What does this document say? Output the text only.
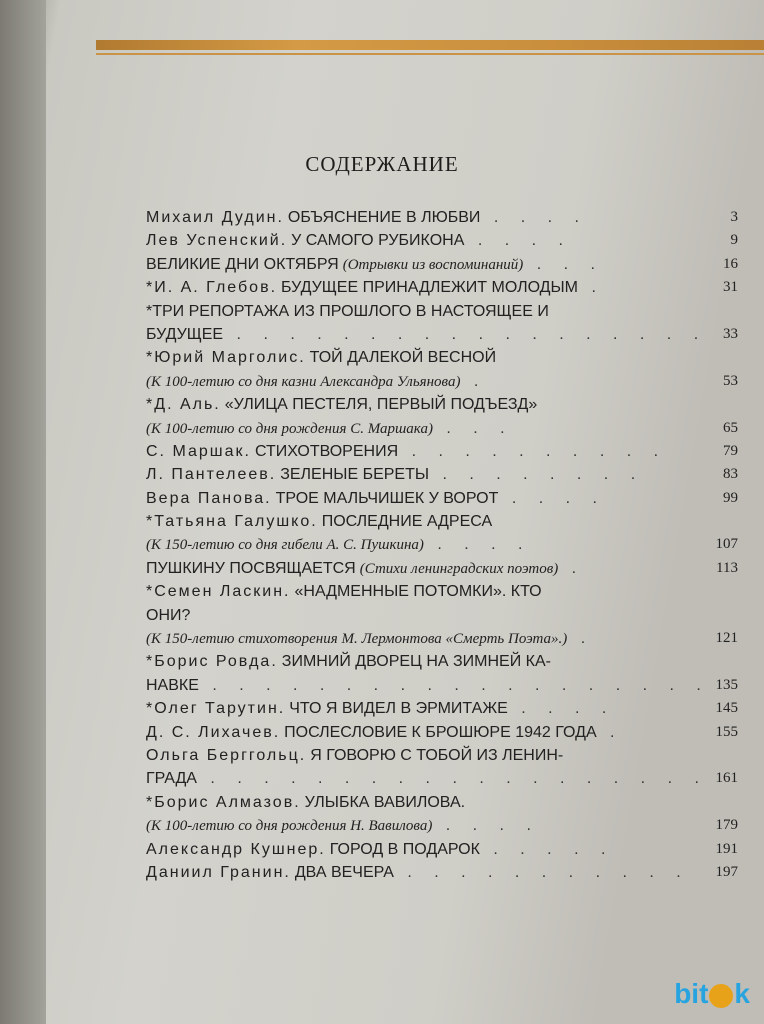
СОДЕРЖАНИЕ
Михаил Дудин. ОБЪЯСНЕНИЕ В ЛЮБВИ . . . .	3
Лев Успенский. У САМОГО РУБИКОНА . . . .	9
ВЕЛИКИЕ ДНИ ОКТЯБРЯ (Отрывки из воспоминаний) . . .	16
*И. А. Глебов. БУДУЩЕЕ ПРИНАДЛЕЖИТ МОЛОДЫМ .	31
*ТРИ РЕПОРТАЖА ИЗ ПРОШЛОГО В НАСТОЯЩЕЕ И
БУДУЩЕЕ . . . . . . . . . . . . . . . . . . 33
*Юрий Марголис. ТОЙ ДАЛЕКОЙ ВЕСНОЙ
(К 100-летию со дня казни Александра Ульянова) .	53
*Д. Аль. «УЛИЦА ПЕСТЕЛЯ, ПЕРВЫЙ ПОДЪЕЗД»
(К 100-летию со дня рождения С. Маршака) . . .	65
С. Маршак. СТИХОТВОРЕНИЯ . . . . . . . . . .	79
Л. Пантелеев. ЗЕЛЕНЫЕ БЕРЕТЫ . . . . . . . .	83
Вера Панова. ТРОЕ МАЛЬЧИШЕК У ВОРОТ . . . .	99
*Татьяна Галушко. ПОСЛЕДНИЕ АДРЕСА
(К 150-летию со дня гибели А. С. Пушкина) . . . .	107
ПУШКИНУ ПОСВЯЩАЕТСЯ (Стихи ленинградских поэтов) .	113
*Семен Ласкин. «НАДМЕННЫЕ ПОТОМКИ». КТО
ОНИ?
(К 150-летию стихотворения М. Лермонтова «Смерть Поэта».) .	121
*Борис Ровда. ЗИМНИЙ ДВОРЕЦ НА ЗИМНЕЙ КА-
НАВКЕ . . . . . . . . . . . . . . . . . . . 135
*Олег Тарутин. ЧТО Я ВИДЕЛ В ЭРМИТАЖЕ . . . .	145
Д. С. Лихачев. ПОСЛЕСЛОВИЕ К БРОШЮРЕ 1942 ГОДА .	155
Ольга Берггольц. Я ГОВОРЮ С ТОБОЙ ИЗ ЛЕНИН-
ГРАДА . . . . . . . . . . . . . . . . . . . 161
*Борис Алмазов. УЛЫБКА ВАВИЛОВА.
(К 100-летию со дня рождения Н. Вавилова) . . . .	179
Александр Кушнер. ГОРОД В ПОДАРОК . . . . .	191
Даниил Гранин. ДВА ВЕЧЕРА . . . . . . . . . . . 197
bit k
